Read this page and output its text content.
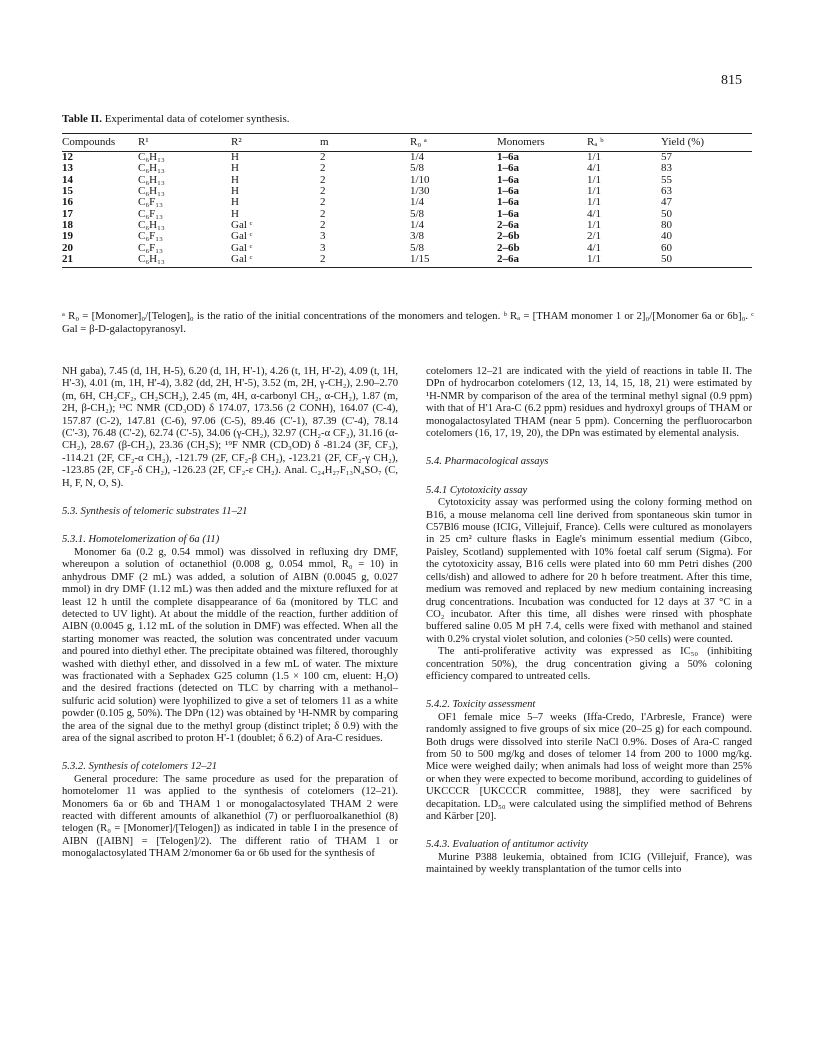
815
Table II. Experimental data of cotelomer synthesis.
Compounds	R¹	R²	m	R₀ ᵃ	Monomers	Rₐ ᵇ	Yield (%)
12	C₆H₁₃	H	2	1/4	1–6a	1/1	57
13	C₆H₁₃	H	2	5/8	1–6a	4/1	83
14	C₆H₁₃	H	2	1/10	1–6a	1/1	55
15	C₆H₁₃	H	2	1/30	1–6a	1/1	63
16	C₆F₁₃	H	2	1/4	1–6a	1/1	47
17	C₆F₁₃	H	2	5/8	1–6a	4/1	50
18	C₆H₁₃	Gal ᶜ	2	1/4	2–6a	1/1	80
19	C₆F₁₃	Gal ᶜ	3	3/8	2–6b	2/1	40
20	C₆F₁₃	Gal ᶜ	3	5/8	2–6b	4/1	60
21	C₆H₁₃	Gal ᶜ	2	1/15	2–6a	1/1	50
ᵃ R₀ = [Monomer]₀/[Telogen]₀ is the ratio of the initial concentrations of the monomers and telogen. ᵇ Rₐ = [THAM monomer 1 or 2]₀/[Monomer 6a or 6b]₀. ᶜ Gal = β-D-galactopyranosyl.

NH gaba), 7.45 (d, 1H, H-5), 6.20 (d, 1H, H'-1), 4.26 (t, 1H, H'-2), 4.09 (t, 1H, H'-3), 4.01 (m, 1H, H'-4), 3.82 (dd, 2H, H'-5), 3.52 (m, 2H, γ-CH₂), 2.90–2.70 (m, 6H, CH₂CF₂, CH₂SCH₂), 2.45 (m, 4H, α-carbonyl CH₂, α-CH₂), 1.87 (m, 2H, β-CH₂); ¹³C NMR (CD₃OD) δ 174.07, 173.56 (2 CONH), 164.07 (C-4), 157.87 (C-2), 147.81 (C-6), 97.06 (C-5), 89.46 (C'-1), 87.39 (C'-4), 78.14 (C'-3), 76.48 (C'-2), 62.74 (C'-5), 34.06 (γ-CH₂), 32.97 (CH₂-α CF₂), 31.16 (α-CH₂), 28.67 (β-CH₂), 23.36 (CH₂S); ¹⁹F NMR (CD₃OD) δ -81.24 (3F, CF₃), -114.21 (2F, CF₂-α CH₂), -121.79 (2F, CF₂-β CH₂), -123.21 (2F, CF₂-γ CH₂), -123.85 (2F, CF₂-δ CH₂), -126.23 (2F, CF₂-ε CH₂). Anal. C₂₄H₂₇F₁₃N₄SO₇ (C, H, F, N, O, S).

5.3. Synthesis of telomeric substrates 11–21
5.3.1. Homotelomerization of 6a (11)

Monomer 6a (0.2 g, 0.54 mmol) was dissolved in refluxing dry DMF, whereupon a solution of octanethiol (0.008 g, 0.054 mmol, R₀ = 10) in anhydrous DMF (2 mL) was added, a solution of AIBN (0.0045 g, 0.027 mmol) in dry DMF (1.12 mL) was then added and the mixture refluxed for at least 12 h until the complete disappearance of 6a (monitored by TLC and detected to UV light). At about the middle of the reaction, further addition of AIBN (0.0045 g, 1.12 mL of the solution in DMF) was effected. When all the starting monomer was reacted, the solution was concentrated under vacuum and poured into diethyl ether. The precipitate obtained was filtered, thoroughly washed with diethyl ether, and dissolved in a few mL of water. The mixture was fractionated with a Sephadex G25 column (1.5 × 100 cm, eluent: H₂O) and the desired fractions (detected on TLC by charring with a methanol–sulfuric acid solution) were lyophilized to give a set of telomers 11 as a white powder (0.105 g, 50%). The DPn (12) was obtained by ¹H-NMR by comparing the area of the signal due to the methyl group (distinct triplet; δ 0.9) with the area of the signal ascribed to proton H'-1 (doublet; δ 6.2) of Ara-C residues.

5.3.2. Synthesis of cotelomers 12–21

General procedure: The same procedure as used for the preparation of homotelomer 11 was applied to the synthesis of cotelomers (12–21). Monomers 6a or 6b and THAM 1 or monogalactosylated THAM 2 were reacted with different amounts of alkanethiol (7) or perfluoroalkanethiol (8) telogen (R₀ = [Monomer]/[Telogen]) as indicated in table I in the presence of AIBN ([AIBN] = [Telogen]/2). The different ratio of THAM 1 or monogalactosylated THAM 2/monomer 6a or 6b used for the synthesis of

cotelomers 12–21 are indicated with the yield of reactions in table II. The DPn of hydrocarbon cotelomers (12, 13, 14, 15, 18, 21) were estimated by ¹H-NMR by comparison of the area of the terminal methyl signal (0.9 ppm) with that of H'1 Ara-C (6.2 ppm) residues and hydroxyl groups of THAM or monogalactosylated THAM (near 5 ppm). Concerning the perfluorocarbon cotelomers (16, 17, 19, 20), the DPn was estimated by elemental analysis.

5.4. Pharmacological assays
5.4.1 Cytotoxicity assay

Cytotoxicity assay was performed using the colony forming method on B16, a mouse melanoma cell line derived from spontaneous skin tumor in C57Bl6 mouse (ICIG, Villejuif, France). Cells were cultured as monolayers in 25 cm² culture flasks in Eagle's minimum essential medium (Gibco, Paisley, Scotland) supplemented with 10% foetal calf serum (Sigma). For the cytotoxicity assay, B16 cells were plated into 60 mm Petri dishes (200 cells/dish) and allowed to adhere for 20 h before treatment. After this time, medium was removed and replaced by new medium containing increasing drug concentrations. Incubation was conducted for 12 days at 37 °C in a CO₂ incubator. After this time, all dishes were rinsed with phosphate buffered saline 0.05 M pH 7.4, cells were fixed with methanol and stained with 0.2% crystal violet solution, and colonies (>50 cells) were counted.

The anti-proliferative activity was expressed as IC₅₀ (inhibiting concentration 50%), the drug concentration giving a 50% coloning efficiency compared to untreated cells.

5.4.2. Toxicity assessment

OF1 female mice 5–7 weeks (Iffa-Credo, l'Arbresle, France) were randomly assigned to five groups of six mice (20–25 g) for each compound. Both drugs were dissolved into sterile NaCl 0.9%. Doses of Ara-C ranged from 50 to 500 mg/kg and doses of telomer 14 from 200 to 1000 mg/kg. Mice were weighed daily; when animals had loss of weight more than 25% or when they were expected to become moribund, according to guidelines of UKCCCR [UKCCCR committee, 1988], they were sacrificed by decapitation. LD₅₀ were calculated using the simplified method of Behrens and Kärber [20].

5.4.3. Evaluation of antitumor activity

Murine P388 leukemia, obtained from ICIG (Villejuif, France), was maintained by weekly transplantation of the tumor cells into
